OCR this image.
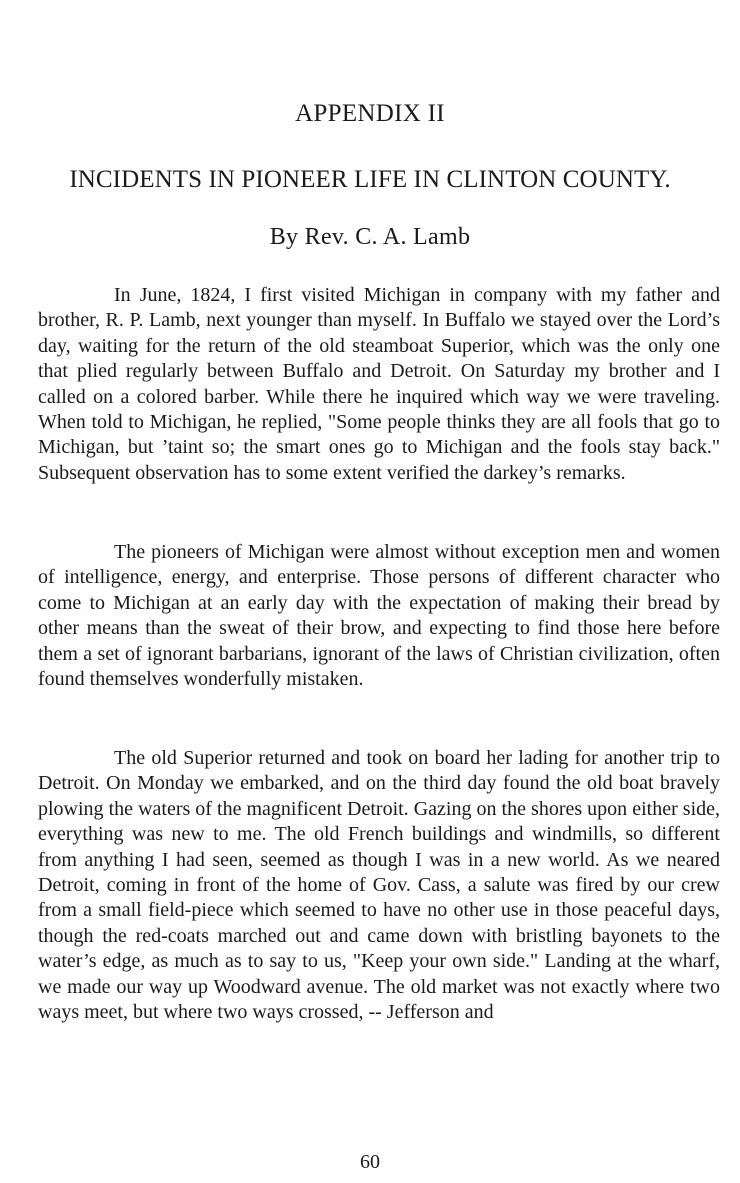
APPENDIX II
INCIDENTS IN PIONEER LIFE IN CLINTON COUNTY.

By Rev. C. A. Lamb

In June, 1824, I first visited Michigan in company with my father and brother, R. P. Lamb, next younger than myself. In Buffalo we stayed over the Lord’s day, waiting for the return of the old steamboat Superior, which was the only one that plied regularly between Buffalo and Detroit. On Saturday my brother and I called on a colored barber. While there he inquired which way we were traveling. When told to Michigan, he replied, "Some people thinks they are all fools that go to Michigan, but ’taint so; the smart ones go to Michigan and the fools stay back." Subsequent observation has to some extent verified the darkey’s remarks.

The pioneers of Michigan were almost without exception men and women of intelligence, energy, and enterprise. Those persons of different character who come to Michigan at an early day with the expectation of making their bread by other means than the sweat of their brow, and expecting to find those here before them a set of ignorant barbarians, ignorant of the laws of Christian civilization, often found themselves wonderfully mistaken.

The old Superior returned and took on board her lading for another trip to Detroit. On Monday we embarked, and on the third day found the old boat bravely plowing the waters of the magnificent Detroit. Gazing on the shores upon either side, everything was new to me. The old French buildings and windmills, so different from anything I had seen, seemed as though I was in a new world. As we neared Detroit, coming in front of the home of Gov. Cass, a salute was fired by our crew from a small field-piece which seemed to have no other use in those peaceful days, though the red-coats marched out and came down with bristling bayonets to the water’s edge, as much as to say to us, "Keep your own side." Landing at the wharf, we made our way up Woodward avenue. The old market was not exactly where two ways meet, but where two ways crossed, -- Jefferson and

60
